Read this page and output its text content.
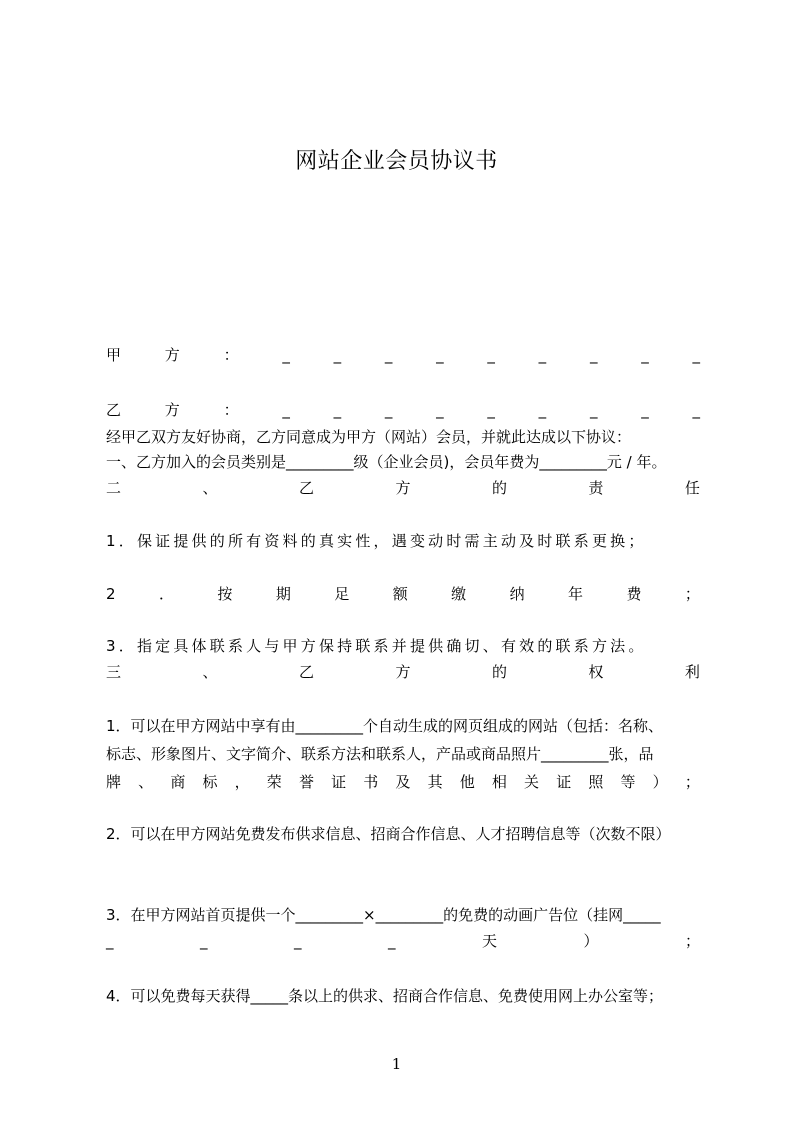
网站企业会员协议书
甲	方	：	_	_	_	_	_	_	_	_	_
乙	方	：	_	_	_	_	_	_	_	_	_
经甲乙双方友好协商，乙方同意成为甲方（网站）会员，并就此达成以下协议：
一、乙方加入的会员类别是_________级（企业会员)，会员年费为_________元 / 年。
二	、	乙	方	的	责	任
1．保证提供的所有资料的真实性，遇变动时需主动及时联系更换；
2	．	按	期	足	额	缴	纳	年	费	；
3．指定具体联系人与甲方保持联系并提供确切、有效的联系方法。
三	、	乙	方	的	权	利
1．可以在甲方网站中享有由_________个自动生成的网页组成的网站（包括：名称、
标志、形象图片、文字简介、联系方法和联系人，产品或商品照片_________张，品
牌 、 商 标 ， 荣 誉 证 书 及 其 他 相 关 证 照 等 ） ；
2．可以在甲方网站免费发布供求信息、招商合作信息、人才招聘信息等（次数不限）
3．在甲方网站首页提供一个_________×_________的免费的动画广告位（挂网_____
_	_	_	_	天	）	；
4．可以免费每天获得_____条以上的供求、招商合作信息、免费使用网上办公室等；
1
